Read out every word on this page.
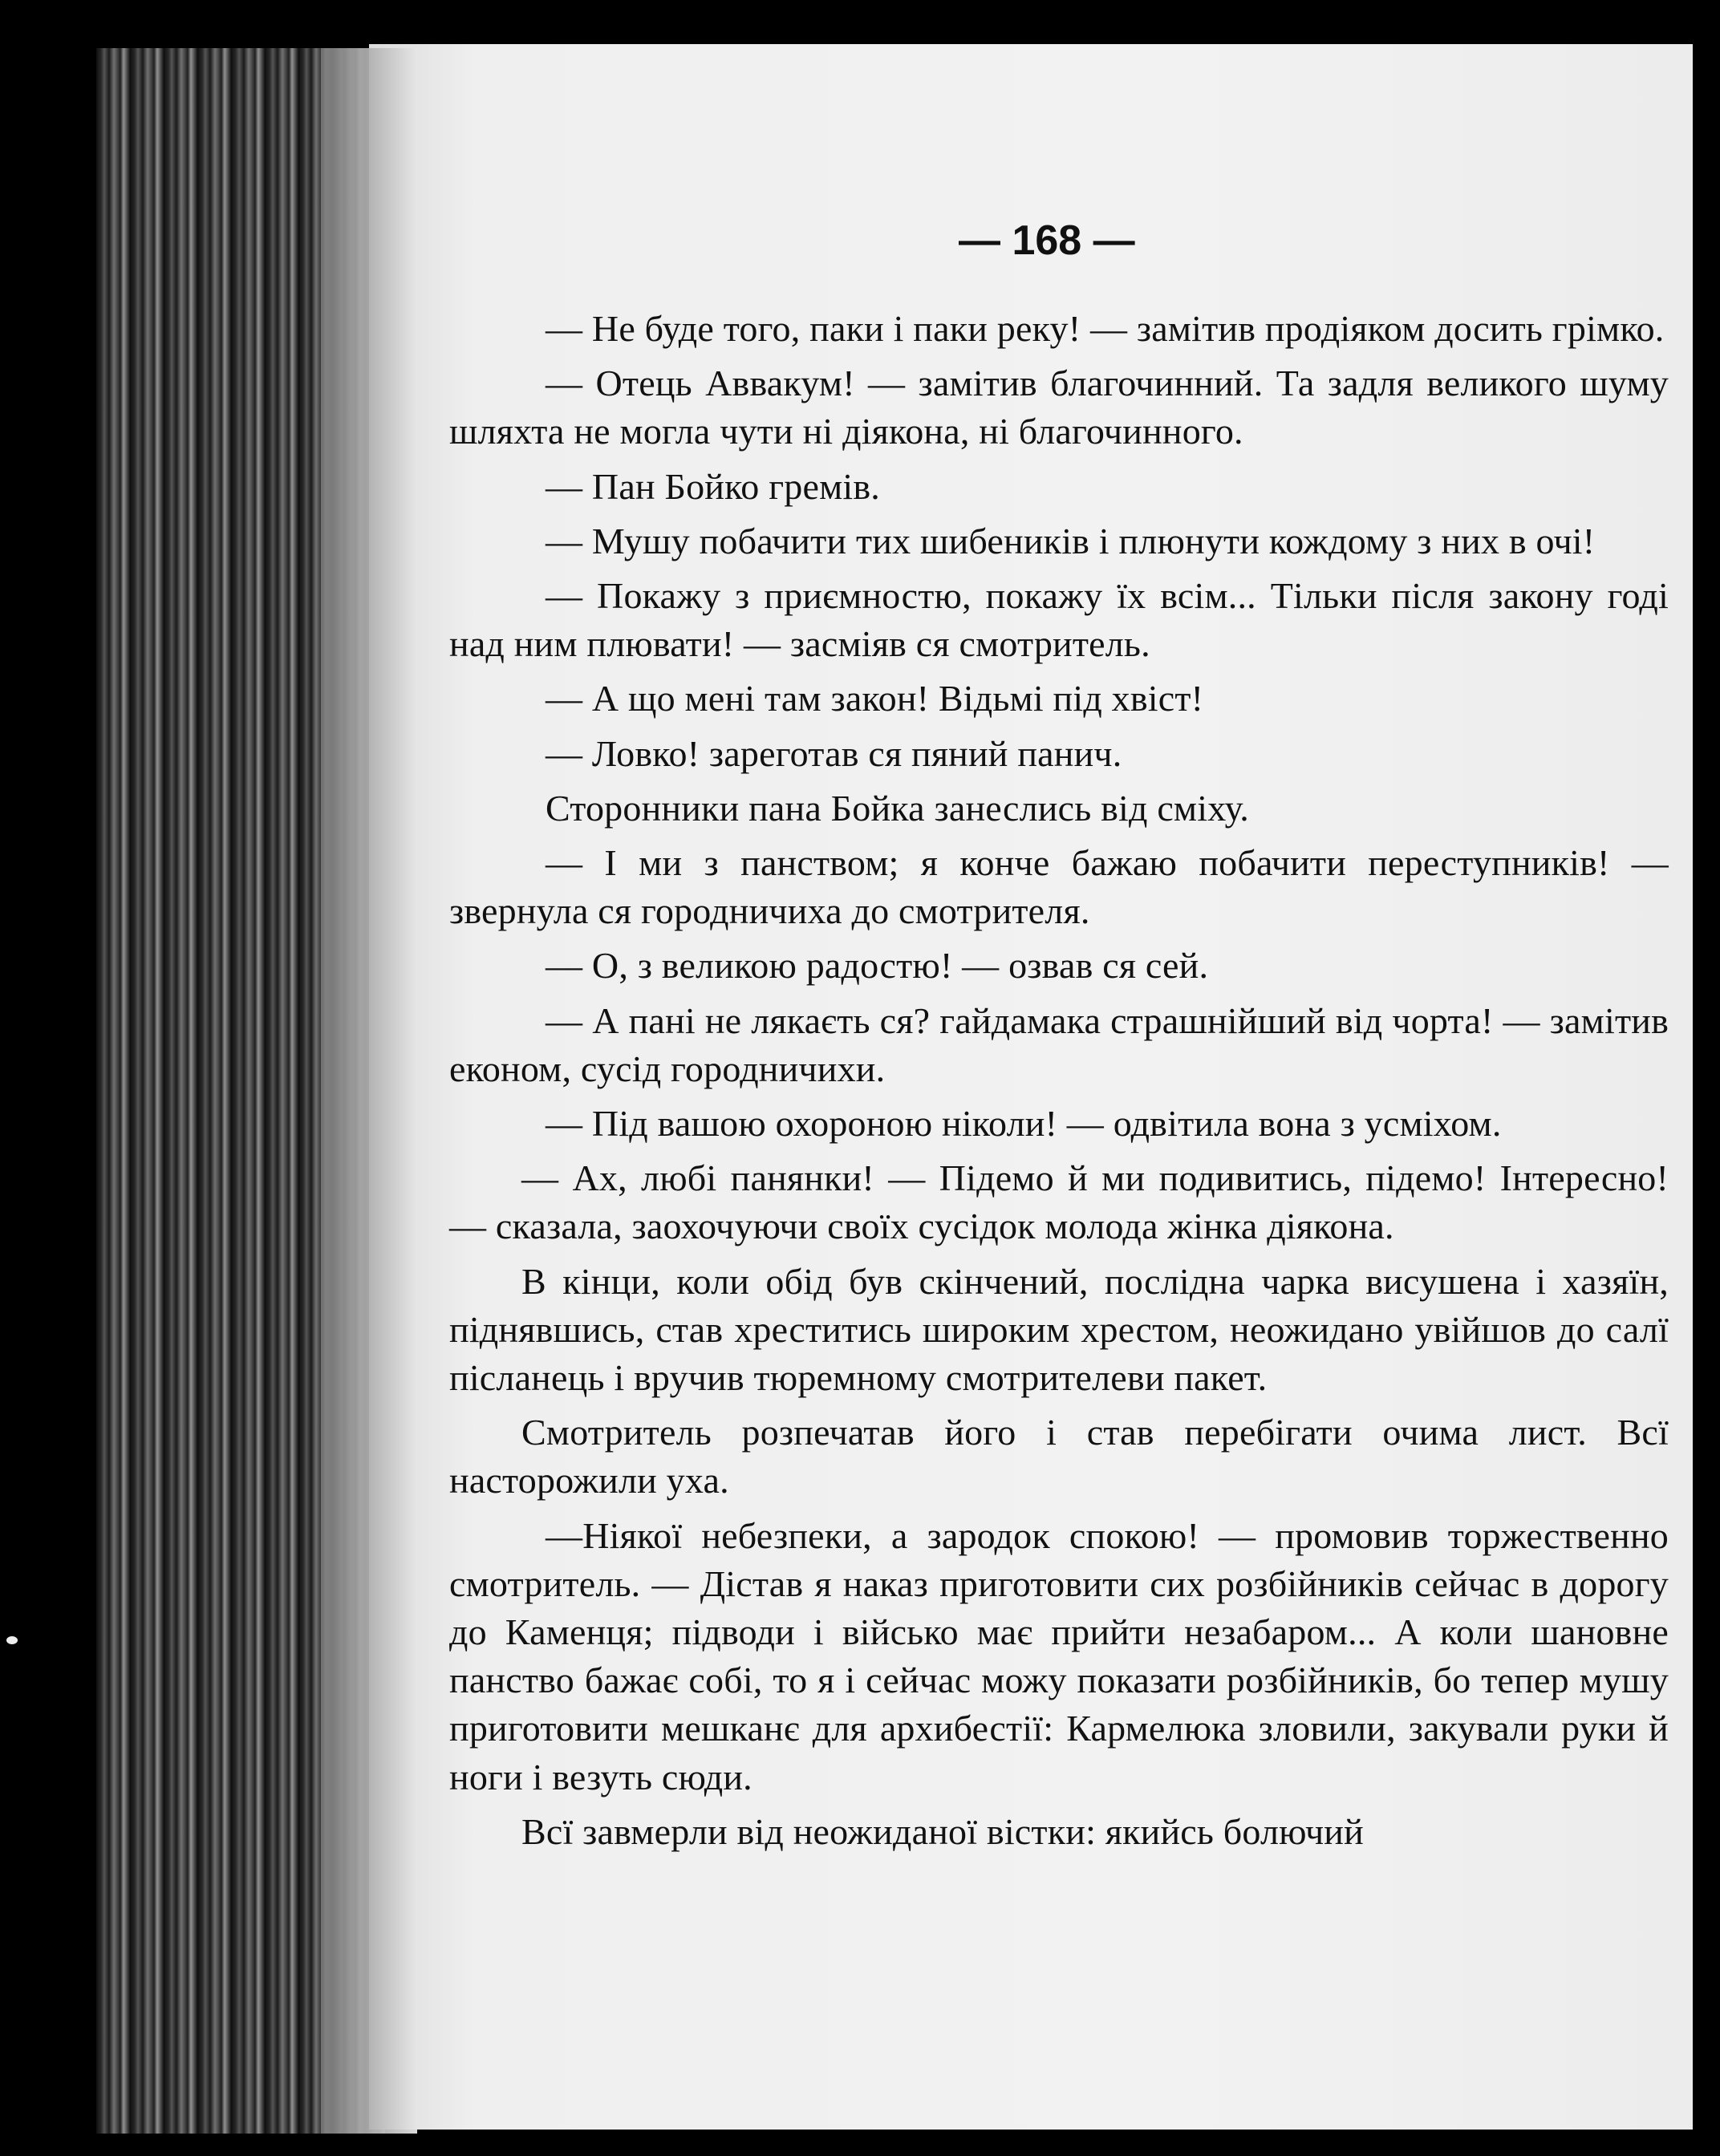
— 168 —

— Не буде того, паки і паки реку! — замітив продіяком досить грімко.

— Отець Аввакум! — замітив благочинний. Та задля великого шуму шляхта не могла чути ні діякона, ні благочинного.

— Пан Бойко гремів.

— Мушу побачити тих шибеників і плюнути кождому з них в очі!

— Покажу з приємностю, покажу їх всім... Тільки після закону годі над ним плювати! — засміяв ся смотритель.

— А що мені там закон! Відьмі під хвіст!

— Ловко! зареготав ся пяний панич.

Сторонники пана Бойка занеслись від сміху.

— І ми з панством; я конче бажаю побачити переступників! — звернула ся городничиха до смотрителя.

— О, з великою радостю! — озвав ся сей.

— А пані не лякаєть ся? гайдамака страшнійший від чорта! — замітив економ, сусід городничихи.

— Під вашою охороною ніколи! — одвітила вона з усміхом.

— Ах, любі панянки! — Підемо й ми подивитись, підемо! Інтересно! — сказала, заохочуючи своїх сусідок молода жінка діякона.

В кінци, коли обід був скінчений, послідна чарка висушена і хазяїн, піднявшись, став хреститись широким хрестом, неожидано увійшов до салї післанець і вручив тюремному смотрителеви пакет.

Смотритель розпечатав його і став перебігати очима лист. Всї насторожили уха.

—Ніякої небезпеки, а зародок спокою! — промовив торжественно смотритель. — Дістав я наказ приготовити сих розбійників сейчас в дорогу до Каменця; підводи і військо має прийти незабаром... А коли шановне панство бажає собі, то я і сейчас можу показати розбійників, бо тепер мушу приготовити мешканє для архибестії: Кармелюка зловили, закували руки й ноги і везуть сюди.

Всї завмерли від неожиданої вістки: якийсь болючий
